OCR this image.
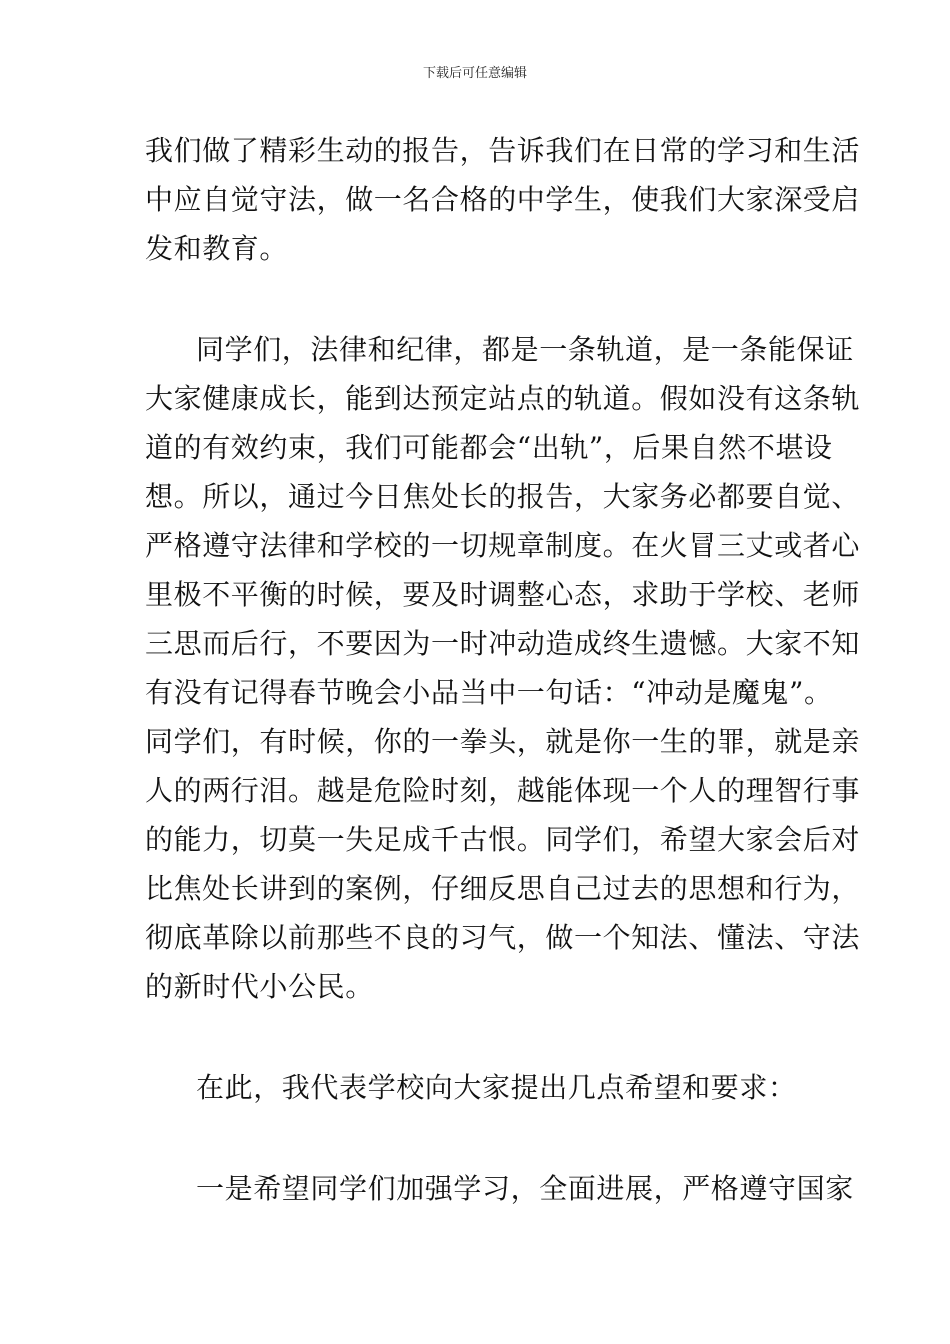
下载后可任意编辑
我们做了精彩生动的报告，告诉我们在日常的学习和生活
中应自觉守法，做一名合格的中学生，使我们大家深受启
发和教育。
同学们，法律和纪律，都是一条轨道，是一条能保证
大家健康成长，能到达预定站点的轨道。假如没有这条轨
道的有效约束，我们可能都会“出轨”，后果自然不堪设
想。所以，通过今日焦处长的报告，大家务必都要自觉、
严格遵守法律和学校的一切规章制度。在火冒三丈或者心
里极不平衡的时候，要及时调整心态，求助于学校、老师
三思而后行，不要因为一时冲动造成终生遗憾。大家不知
有没有记得春节晚会小品当中一句话：“冲动是魔鬼”。
同学们，有时候，你的一拳头，就是你一生的罪，就是亲
人的两行泪。越是危险时刻，越能体现一个人的理智行事
的能力，切莫一失足成千古恨。同学们，希望大家会后对
比焦处长讲到的案例，仔细反思自己过去的思想和行为，
彻底革除以前那些不良的习气，做一个知法、懂法、守法
的新时代小公民。
在此，我代表学校向大家提出几点希望和要求：
一是希望同学们加强学习，全面进展，严格遵守国家
